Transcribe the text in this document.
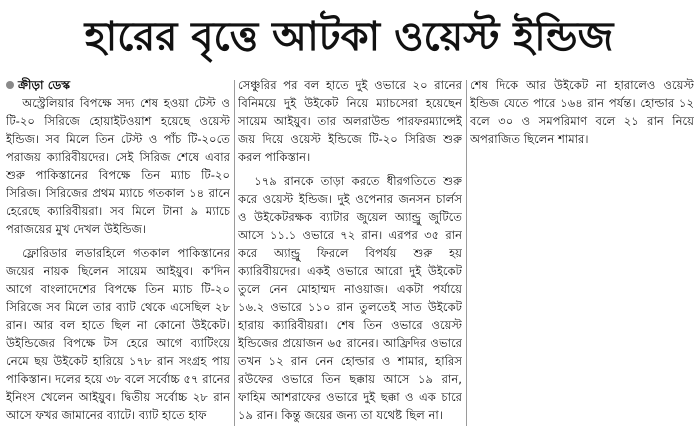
হারের বৃত্তে আটকা ওয়েস্ট ইন্ডিজ
ক্রীড়া ডেস্ক

অস্ট্রেলিয়ার বিপক্ষে সদ্য শেষ হওয়া টেস্ট ও টি-২০ সিরিজে হোয়াইটওয়াশ হয়েছে ওয়েস্ট ইন্ডিজ। সব মিলে তিন টেস্ট ও পাঁচ টি-২০তে পরাজয় ক্যারিবীয়দের। সেই সিরিজ শেষে এবার শুরু পাকিস্তানের বিপক্ষে তিন ম্যাচ টি-২০ সিরিজ। সিরিজের প্রথম ম্যাচে গতকাল ১৪ রানে হেরেছে ক্যারিবীয়রা। সব মিলে টানা ৯ ম্যাচে পরাজয়ের মুখ দেখল উইন্ডিজ।

ফ্লোরিডার লডারহিলে গতকাল পাকিস্তানের জয়ের নায়ক ছিলেন সায়েম আইয়ুব। ক'দিন আগে বাংলাদেশের বিপক্ষে তিন ম্যাচ টি-২০ সিরিজে সব মিলে তার ব্যাট থেকে এসেছিল ২৮ রান। আর বল হাতে ছিল না কোনো উইকেট। উইন্ডিজের বিপক্ষে টস হেরে আগে ব্যাটিংয়ে নেমে ছয় উইকেট হারিয়ে ১৭৮ রান সংগ্রহ পায় পাকিস্তান। দলের হয়ে ৩৮ বলে সর্বোচ্চ ৫৭ রানের ইনিংস খেলেন আইয়ুব। দ্বিতীয় সর্বোচ্চ ২৮ রান আসে ফখর জামানের ব্যাটে। ব্যাট হাতে হাফ

সেঞ্চুরির পর বল হাতে দুই ওভারে ২০ রানের বিনিময়ে দুই উইকেট নিয়ে ম্যাচসেরা হয়েছেন সায়েম আইয়ুব। তার অলরাউন্ড পারফরম্যান্সেই জয় দিয়ে ওয়েস্ট ইন্ডিজে টি-২০ সিরিজ শুরু করল পাকিস্তান।

১৭৯ রানকে তাড়া করতে ধীরগতিতে শুরু করে ওয়েস্ট ইন্ডিজ। দুই ওপেনার জনসন চার্লস ও উইকেটরক্ষক ব্যাটার জুয়েল অ্যান্ড্রু জুটিতে আসে ১১.১ ওভারে ৭২ রান। এরপর ৩৫ রান করে অ্যান্ড্রু ফিরলে বিপর্যয় শুরু হয় ক্যারিবীয়দের। একই ওভারে আরো দুই উইকেট তুলে নেন মোহাম্মদ নাওয়াজ। একটা পর্যায়ে ১৬.২ ওভারে ১১০ রান তুলতেই সাত উইকেট হারায় ক্যারিবীয়রা। শেষ তিন ওভারে ওয়েস্ট ইন্ডিজের প্রয়োজন ৬৫ রানের। আফ্রিদির ওভারে তখন ১২ রান নেন হোল্ডার ও শামার, হারিস রউফের ওভারে তিন ছক্কায় আসে ১৯ রান, ফাহিম আশরাফের ওভারে দুই ছক্কা ও এক চারে ১৯ রান। কিন্তু জয়ের জন্য তা যথেষ্ট ছিল না।

শেষ দিকে আর উইকেট না হারালেও ওয়েস্ট ইন্ডিজ যেতে পারে ১৬৪ রান পর্যন্ত। হোল্ডার ১২ বলে ৩০ ও সমপরিমাণ বলে ২১ রান নিয়ে অপরাজিত ছিলেন শামার।
